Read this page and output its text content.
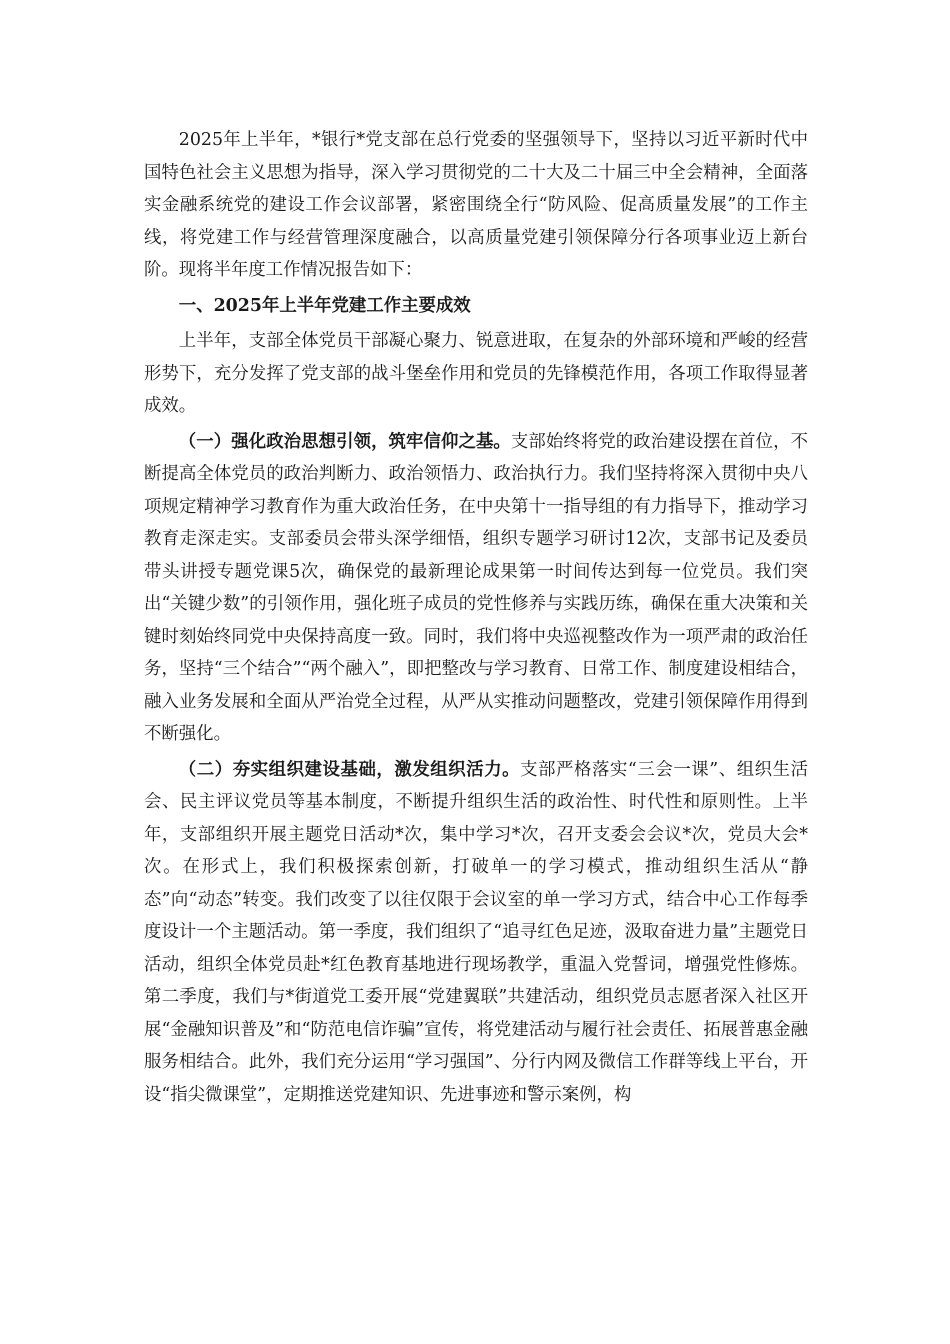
2025年上半年，*银行*党支部在总行党委的坚强领导下，坚持以习近平新时代中国特色社会主义思想为指导，深入学习贯彻党的二十大及二十届三中全会精神，全面落实金融系统党的建设工作会议部署，紧密围绕全行“防风险、促高质量发展”的工作主线，将党建工作与经营管理深度融合，以高质量党建引领保障分行各项事业迈上新台阶。现将半年度工作情况报告如下：

一、2025年上半年党建工作主要成效

上半年，支部全体党员干部凝心聚力、锐意进取，在复杂的外部环境和严峻的经营形势下，充分发挥了党支部的战斗堡垒作用和党员的先锋模范作用，各项工作取得显著成效。

（一）强化政治思想引领，筑牢信仰之基。支部始终将党的政治建设摆在首位，不断提高全体党员的政治判断力、政治领悟力、政治执行力。我们坚持将深入贯彻中央八项规定精神学习教育作为重大政治任务，在中央第十一指导组的有力指导下，推动学习教育走深走实。支部委员会带头深学细悟，组织专题学习研讨12次，支部书记及委员带头讲授专题党课5次，确保党的最新理论成果第一时间传达到每一位党员。我们突出“关键少数”的引领作用，强化班子成员的党性修养与实践历练，确保在重大决策和关键时刻始终同党中央保持高度一致。同时，我们将中央巡视整改作为一项严肃的政治任务，坚持“三个结合”“两个融入”，即把整改与学习教育、日常工作、制度建设相结合，融入业务发展和全面从严治党全过程，从严从实推动问题整改，党建引领保障作用得到不断强化。

（二）夯实组织建设基础，激发组织活力。支部严格落实“三会一课”、组织生活会、民主评议党员等基本制度，不断提升组织生活的政治性、时代性和原则性。上半年，支部组织开展主题党日活动*次，集中学习*次，召开支委会会议*次，党员大会*次。在形式上，我们积极探索创新，打破单一的学习模式，推动组织生活从“静态”向“动态”转变。我们改变了以往仅限于会议室的单一学习方式，结合中心工作每季度设计一个主题活动。第一季度，我们组织了“追寻红色足迹，汲取奋进力量”主题党日活动，组织全体党员赴*红色教育基地进行现场教学，重温入党誓词，增强党性修炼。第二季度，我们与*街道党工委开展“党建翼联”共建活动，组织党员志愿者深入社区开展“金融知识普及”和“防范电信诈骗”宣传，将党建活动与履行社会责任、拓展普惠金融服务相结合。此外，我们充分运用“学习强国”、分行内网及微信工作群等线上平台，开设“指尖微课堂”，定期推送党建知识、先进事迹和警示案例，构
